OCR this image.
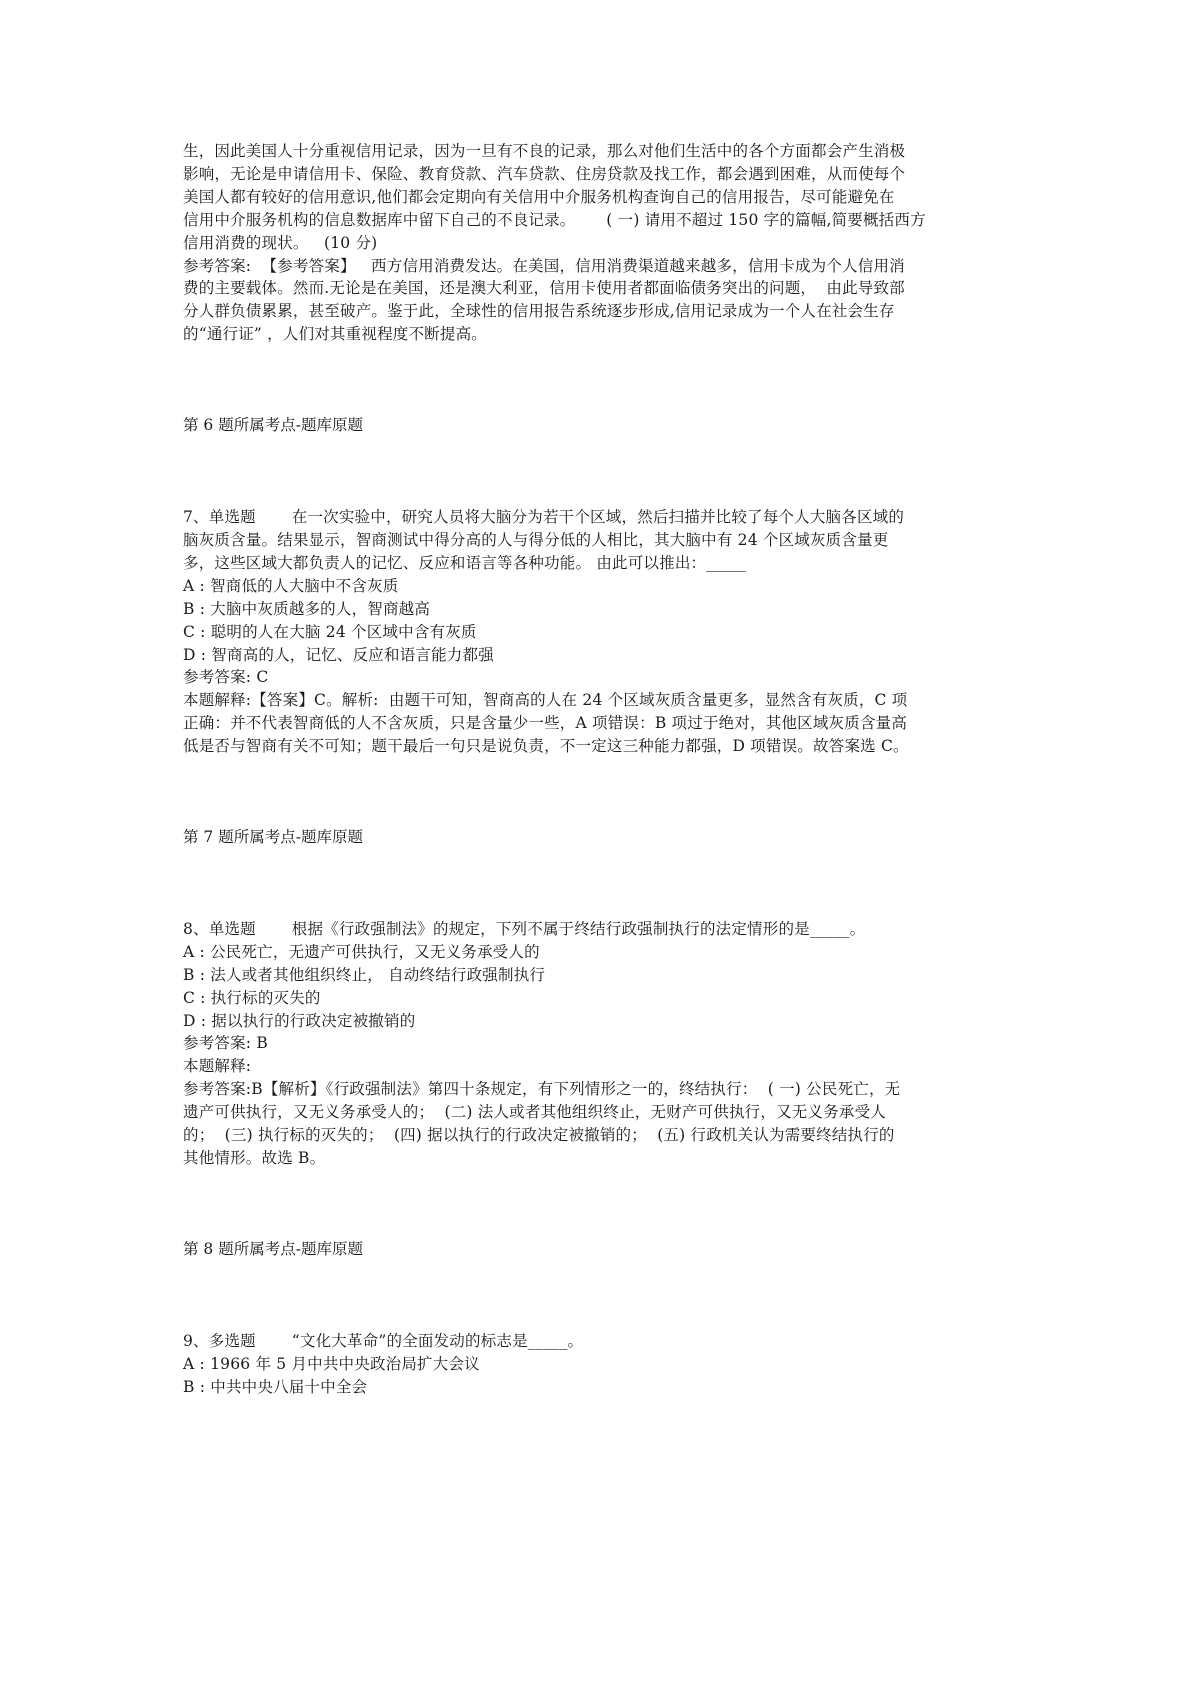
生，因此美国人十分重视信用记录，因为一旦有不良的记录，那么对他们生活中的各个方面都会产生消极
影响，无论是申请信用卡、保险、教育贷款、汽车贷款、住房贷款及找工作，都会遇到困难，从而使每个
美国人都有较好的信用意识,他们都会定期向有关信用中介服务机构查询自己的信用报告，尽可能避免在
信用中介服务机构的信息数据库中留下自己的不良记录。      ( 一) 请用不超过 150 字的篇幅,简要概括西方
信用消费的现状。   (10 分)
参考答案:  【参考答案】   西方信用消费发达。在美国，信用消费渠道越来越多，信用卡成为个人信用消
费的主要载体。然而.无论是在美国，还是澳大利亚，信用卡使用者都面临债务突出的问题，  由此导致部
分人群负债累累，甚至破产。鉴于此，全球性的信用报告系统逐步形成,信用记录成为一个人在社会生存
的“通行证” ，人们对其重视程度不断提高。
第 6 题所属考点-题库原题
7、单选题       在一次实验中，研究人员将大脑分为若干个区域，然后扫描并比较了每个人大脑各区域的
脑灰质含量。结果显示，智商测试中得分高的人与得分低的人相比，其大脑中有 24 个区域灰质含量更
多，这些区域大都负责人的记忆、反应和语言等各种功能。 由此可以推出：_____
A : 智商低的人大脑中不含灰质
B : 大脑中灰质越多的人，智商越高
C : 聪明的人在大脑 24 个区域中含有灰质
D : 智商高的人，记忆、反应和语言能力都强
参考答案: C
本题解释:【答案】C。解析:  由题干可知，智商高的人在 24 个区域灰质含量更多，显然含有灰质，C 项
正确：并不代表智商低的人不含灰质，只是含量少一些，A 项错误：B 项过于绝对，其他区域灰质含量高
低是否与智商有关不可知；题干最后一句只是说负责，不一定这三种能力都强，D 项错误。故答案选 C。
第 7 题所属考点-题库原题
8、单选题       根据《行政强制法》的规定，下列不属于终结行政强制执行的法定情形的是_____。
A : 公民死亡，无遗产可供执行，又无义务承受人的
B : 法人或者其他组织终止， 自动终结行政强制执行
C : 执行标的灭失的
D : 据以执行的行政决定被撤销的
参考答案: B
本题解释:
参考答案:B【解析】《行政强制法》第四十条规定，有下列情形之一的，终结执行：  ( 一) 公民死亡，无
遗产可供执行，又无义务承受人的；  (二) 法人或者其他组织终止，无财产可供执行，又无义务承受人
的；  (三) 执行标的灭失的；  (四) 据以执行的行政决定被撤销的；  (五) 行政机关认为需要终结执行的
其他情形。故选 B。
第 8 题所属考点-题库原题
9、多选题       “文化大革命”的全面发动的标志是_____。
A : 1966 年 5 月中共中央政治局扩大会议
B : 中共中央八届十中全会
